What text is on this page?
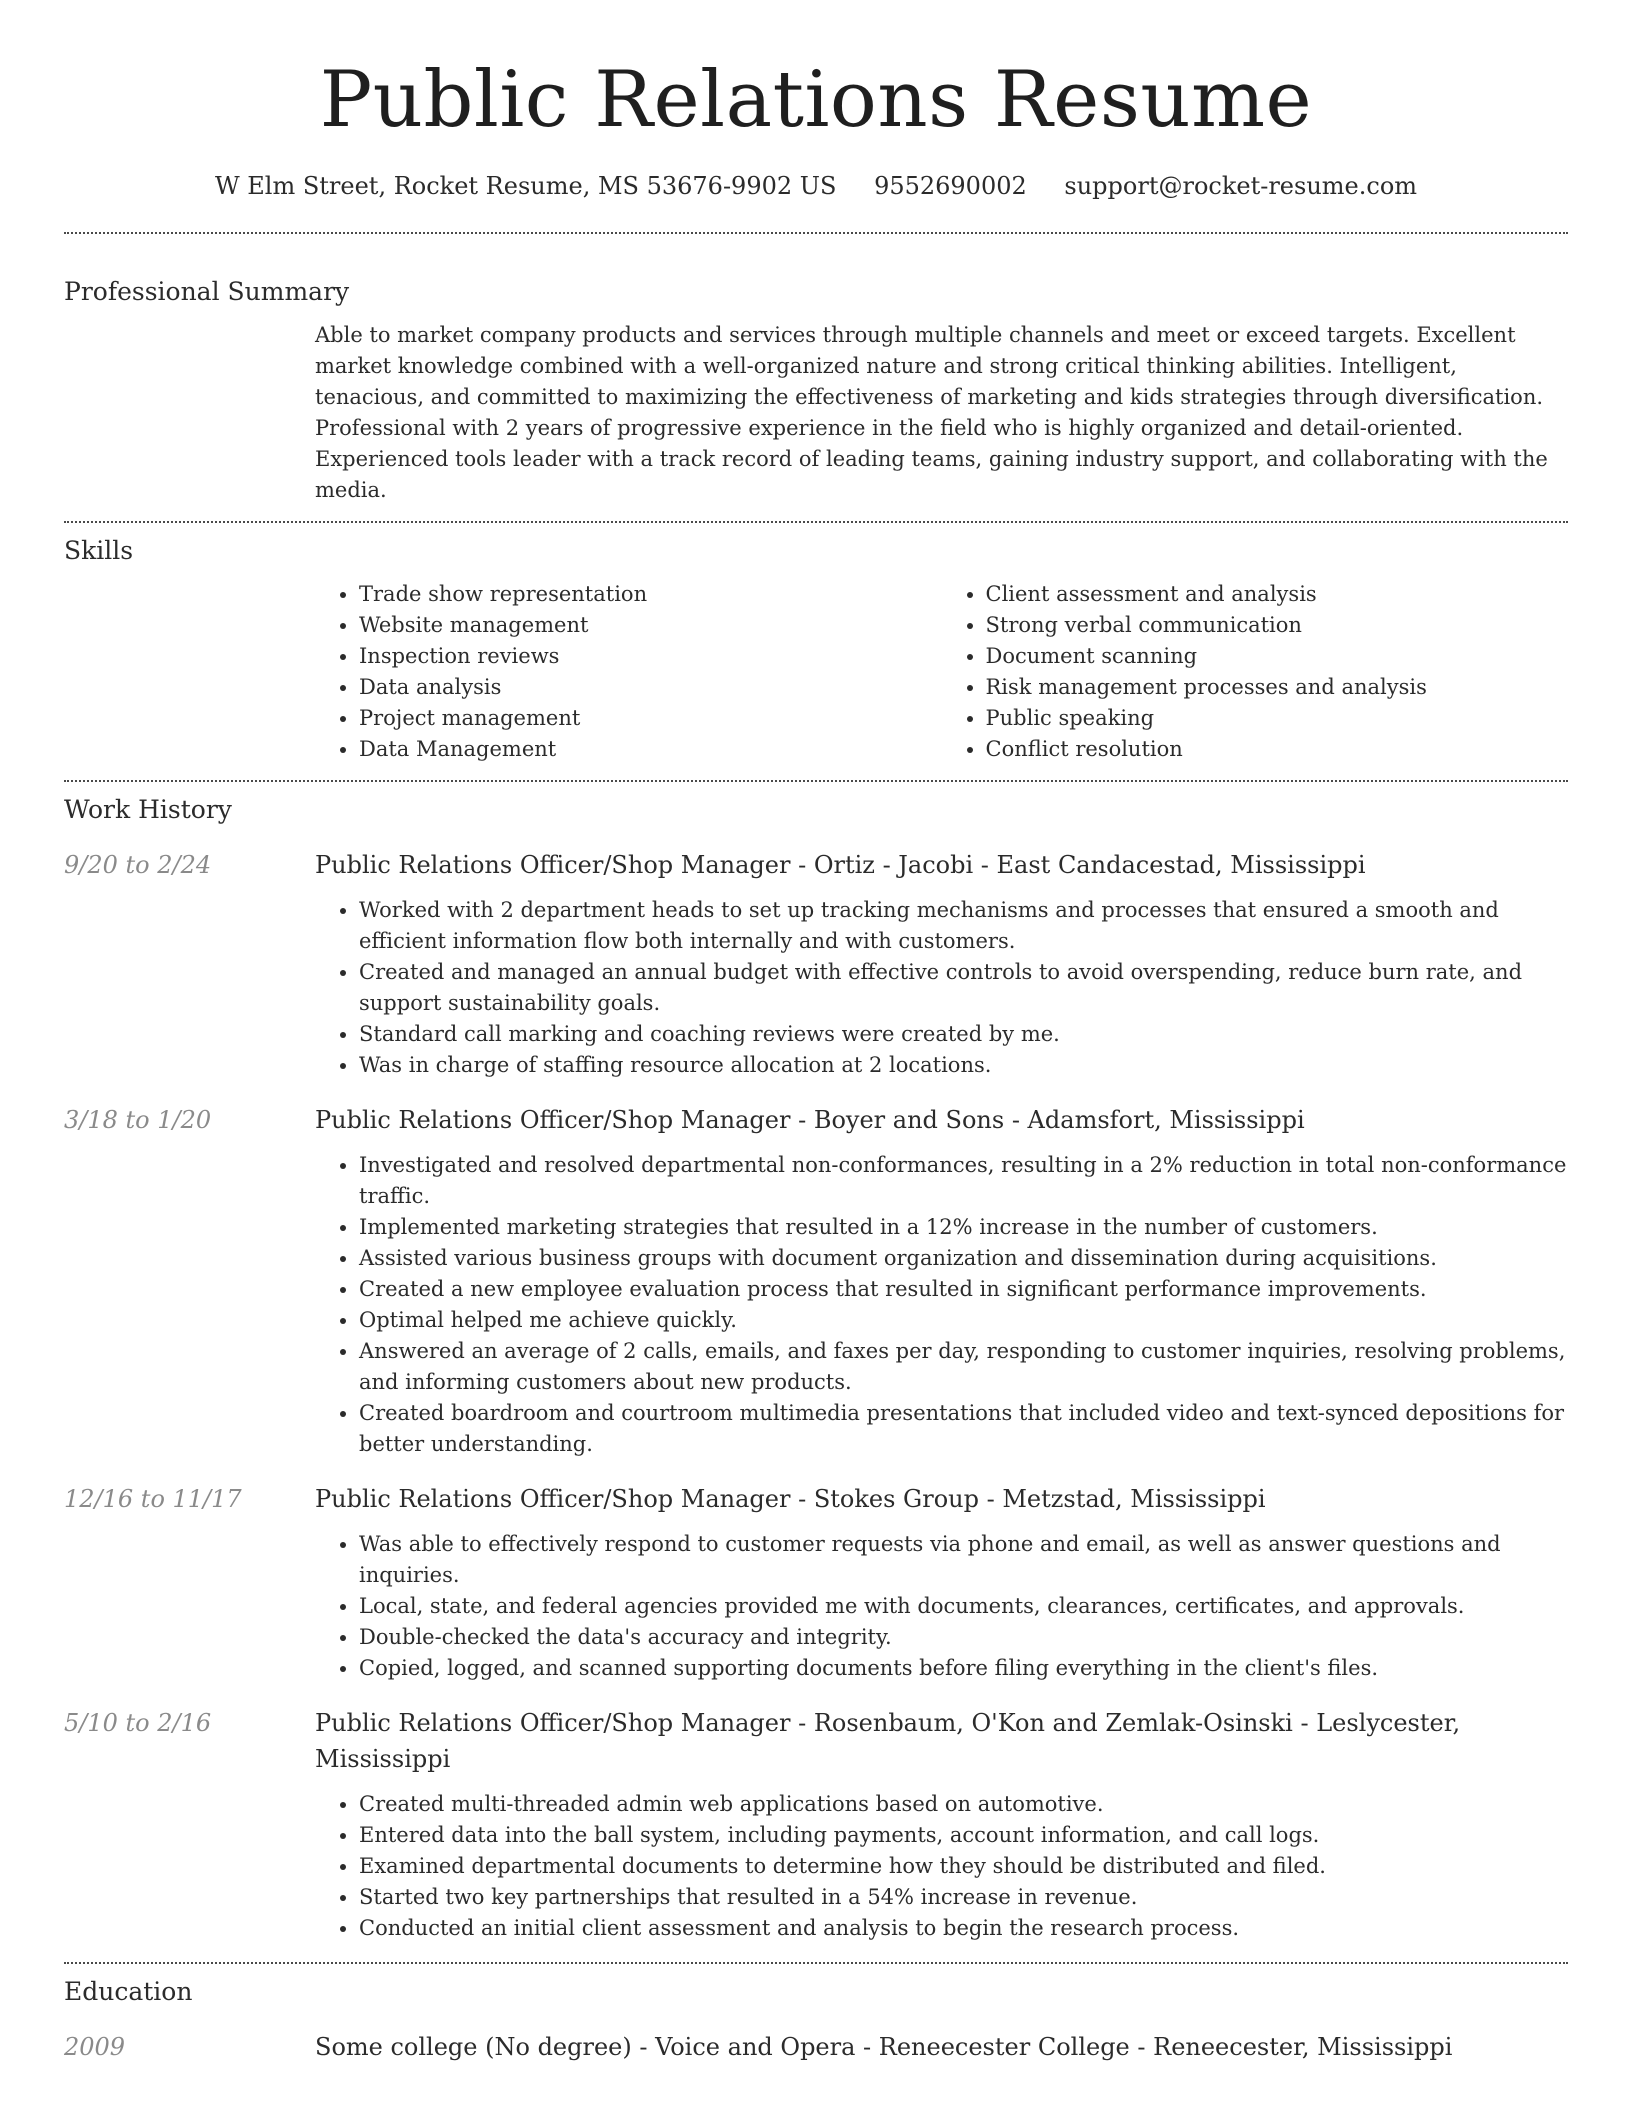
Public Relations Resume
W Elm Street, Rocket Resume, MS 53676-9902 US 9552690002 support@rocket-resume.com
Professional Summary

Able to market company products and services through multiple channels and meet or exceed targets. Excellent market knowledge combined with a well-organized nature and strong critical thinking abilities. Intelligent, tenacious, and committed to maximizing the effectiveness of marketing and kids strategies through diversification. Professional with 2 years of progressive experience in the field who is highly organized and detail-oriented. Experienced tools leader with a track record of leading teams, gaining industry support, and collaborating with the media.

Skills
• Trade show representation
• Website management
• Inspection reviews
• Data analysis
• Project management
• Data Management
• Client assessment and analysis
• Strong verbal communication
• Document scanning
• Risk management processes and analysis
• Public speaking
• Conflict resolution
Work History
9/20 to 2/24	Public Relations Officer/Shop Manager - Ortiz - Jacobi - East Candacestad, Mississippi
• Worked with 2 department heads to set up tracking mechanisms and processes that ensured a smooth and efficient information flow both internally and with customers.
• Created and managed an annual budget with effective controls to avoid overspending, reduce burn rate, and support sustainability goals.
• Standard call marking and coaching reviews were created by me.
• Was in charge of staffing resource allocation at 2 locations.
3/18 to 1/20	Public Relations Officer/Shop Manager - Boyer and Sons - Adamsfort, Mississippi
• Investigated and resolved departmental non-conformances, resulting in a 2% reduction in total non-conformance traffic.
• Implemented marketing strategies that resulted in a 12% increase in the number of customers.
• Assisted various business groups with document organization and dissemination during acquisitions.
• Created a new employee evaluation process that resulted in significant performance improvements.
• Optimal helped me achieve quickly.
• Answered an average of 2 calls, emails, and faxes per day, responding to customer inquiries, resolving problems, and informing customers about new products.
• Created boardroom and courtroom multimedia presentations that included video and text-synced depositions for better understanding.
12/16 to 11/17	Public Relations Officer/Shop Manager - Stokes Group - Metzstad, Mississippi
• Was able to effectively respond to customer requests via phone and email, as well as answer questions and inquiries.
• Local, state, and federal agencies provided me with documents, clearances, certificates, and approvals.
• Double-checked the data's accuracy and integrity.
• Copied, logged, and scanned supporting documents before filing everything in the client's files.
5/10 to 2/16	Public Relations Officer/Shop Manager - Rosenbaum, O'Kon and Zemlak-Osinski - Leslycester, Mississippi
• Created multi-threaded admin web applications based on automotive.
• Entered data into the ball system, including payments, account information, and call logs.
• Examined departmental documents to determine how they should be distributed and filed.
• Started two key partnerships that resulted in a 54% increase in revenue.
• Conducted an initial client assessment and analysis to begin the research process.
Education
2009	Some college (No degree) - Voice and Opera - Reneecester College - Reneecester, Mississippi
